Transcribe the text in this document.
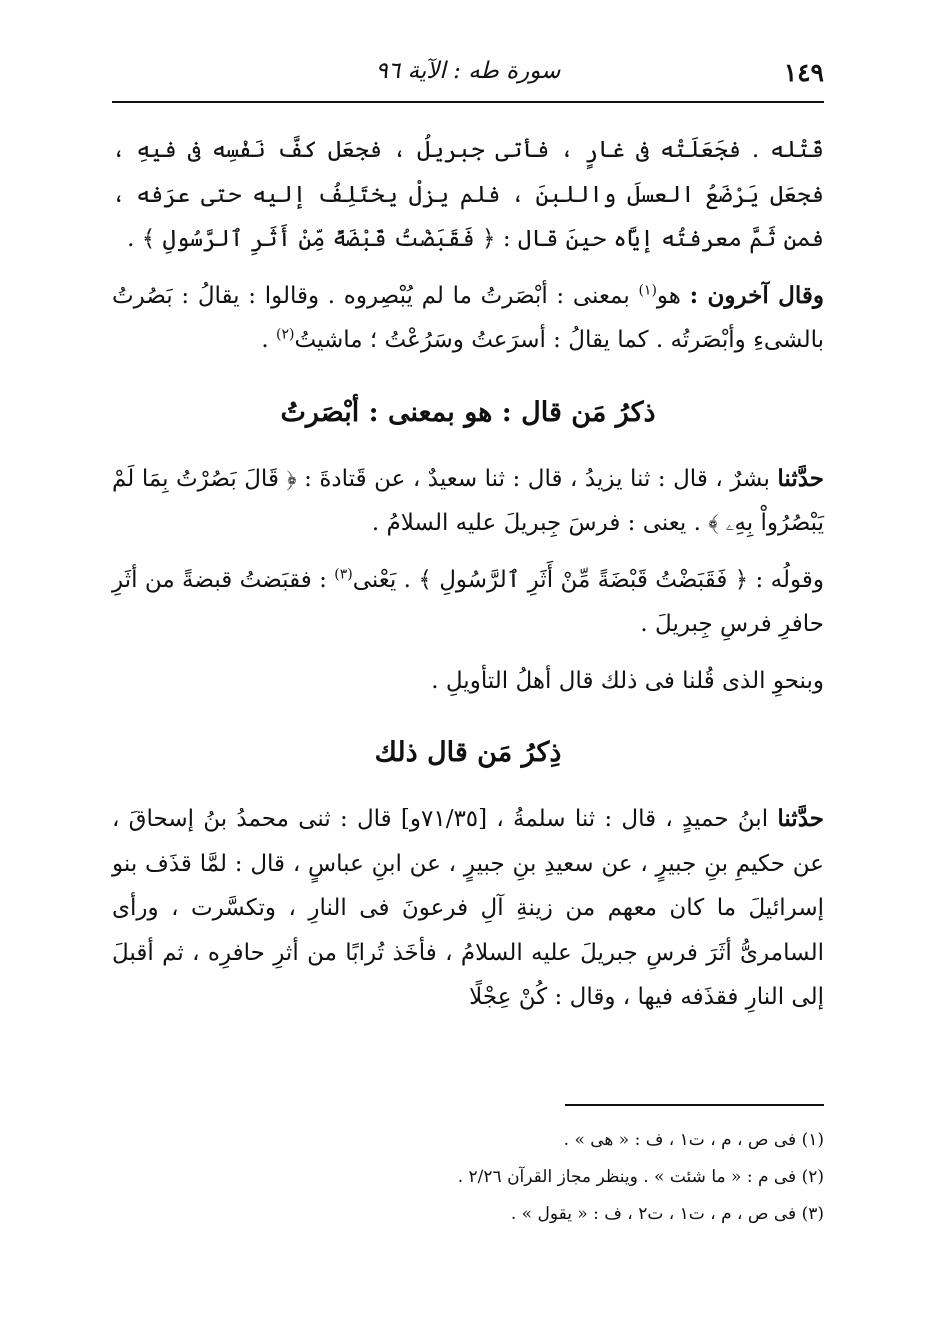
١٤٩
سورة طه : الآية ٩٦

قَتْله . فجَعَلَتْه فى غارٍ ، فأتى جبريلُ ، فجعَل كفَّ نَفْسِه فى فيهِ ، فجعَل يَرْضَعُ العسلَ واللبنَ ، فلم يزلْ يختَلِفُ إليه حتى عرَفه ، فمن ثَمَّ معرفتُه إيَّاه حينَ قال : ﴿ فَقَبَضْتُ قَبْضَةً مِّنْ أَثَرِ ٱلرَّسُولِ ﴾ .

وقال آخرون : هو$^{(١)}$ بمعنى : أبْصَرتُ ما لم يُبْصِروه . وقالوا : يقالُ : بَصُرتُ بالشىءِ وأبْصَرتُه . كما يقالُ : أسرَعتُ وسَرُعْتُ ؛ ماشيتُ$^{(٢)}$ .

ذكرُ مَن قال : هو بمعنى : أبْصَرتُ

حدَّثنا بشرٌ ، قال : ثنا يزيدُ ، قال : ثنا سعيدٌ ، عن قَتادةَ : ﴿ قَالَ بَصُرْتُ بِمَا لَمْ يَبْصُرُواْ بِهِۦ ﴾ . يعنى : فرسَ جِبريلَ عليه السلامُ .

وقولُه : ﴿ فَقَبَضْتُ قَبْضَةً مِّنْ أَثَرِ ٱلرَّسُولِ ﴾ . يَعْنى$^{(٣)}$ : فقبَضتُ قبضةً من أثَرِ حافرِ فرسِ جِبريلَ .

وبنحوِ الذى قُلنا فى ذلك قال أهلُ التأويلِ .

ذِكرُ مَن قال ذلك

حدَّثنا ابنُ حميدٍ ، قال : ثنا سلمةُ ، [٧١/٣٥و] قال : ثنى محمدُ بنُ إسحاقَ ، عن حكيمِ بنِ جبيرٍ ، عن سعيدِ بنِ جبيرٍ ، عن ابنِ عباسٍ ، قال : لمَّا قذَف بنو إسرائيلَ ما كان معهم من زينةِ آلِ فرعونَ فى النارِ ، وتكسَّرت ، ورأى السامرىُّ أثَرَ فرسِ جبريلَ عليه السلامُ ، فأخَذ تُرابًا من أثرِ حافرِه ، ثم أقبلَ إلى النارِ فقذَفه فيها ، وقال : كُنْ عِجْلًا

(١) فى ص ، م ، ت١ ، ف : « هى » .
(٢) فى م : « ما شئت » . وينظر مجاز القرآن ٢/٢٦ .
(٣) فى ص ، م ، ت١ ، ت٢ ، ف : « يقول » .
